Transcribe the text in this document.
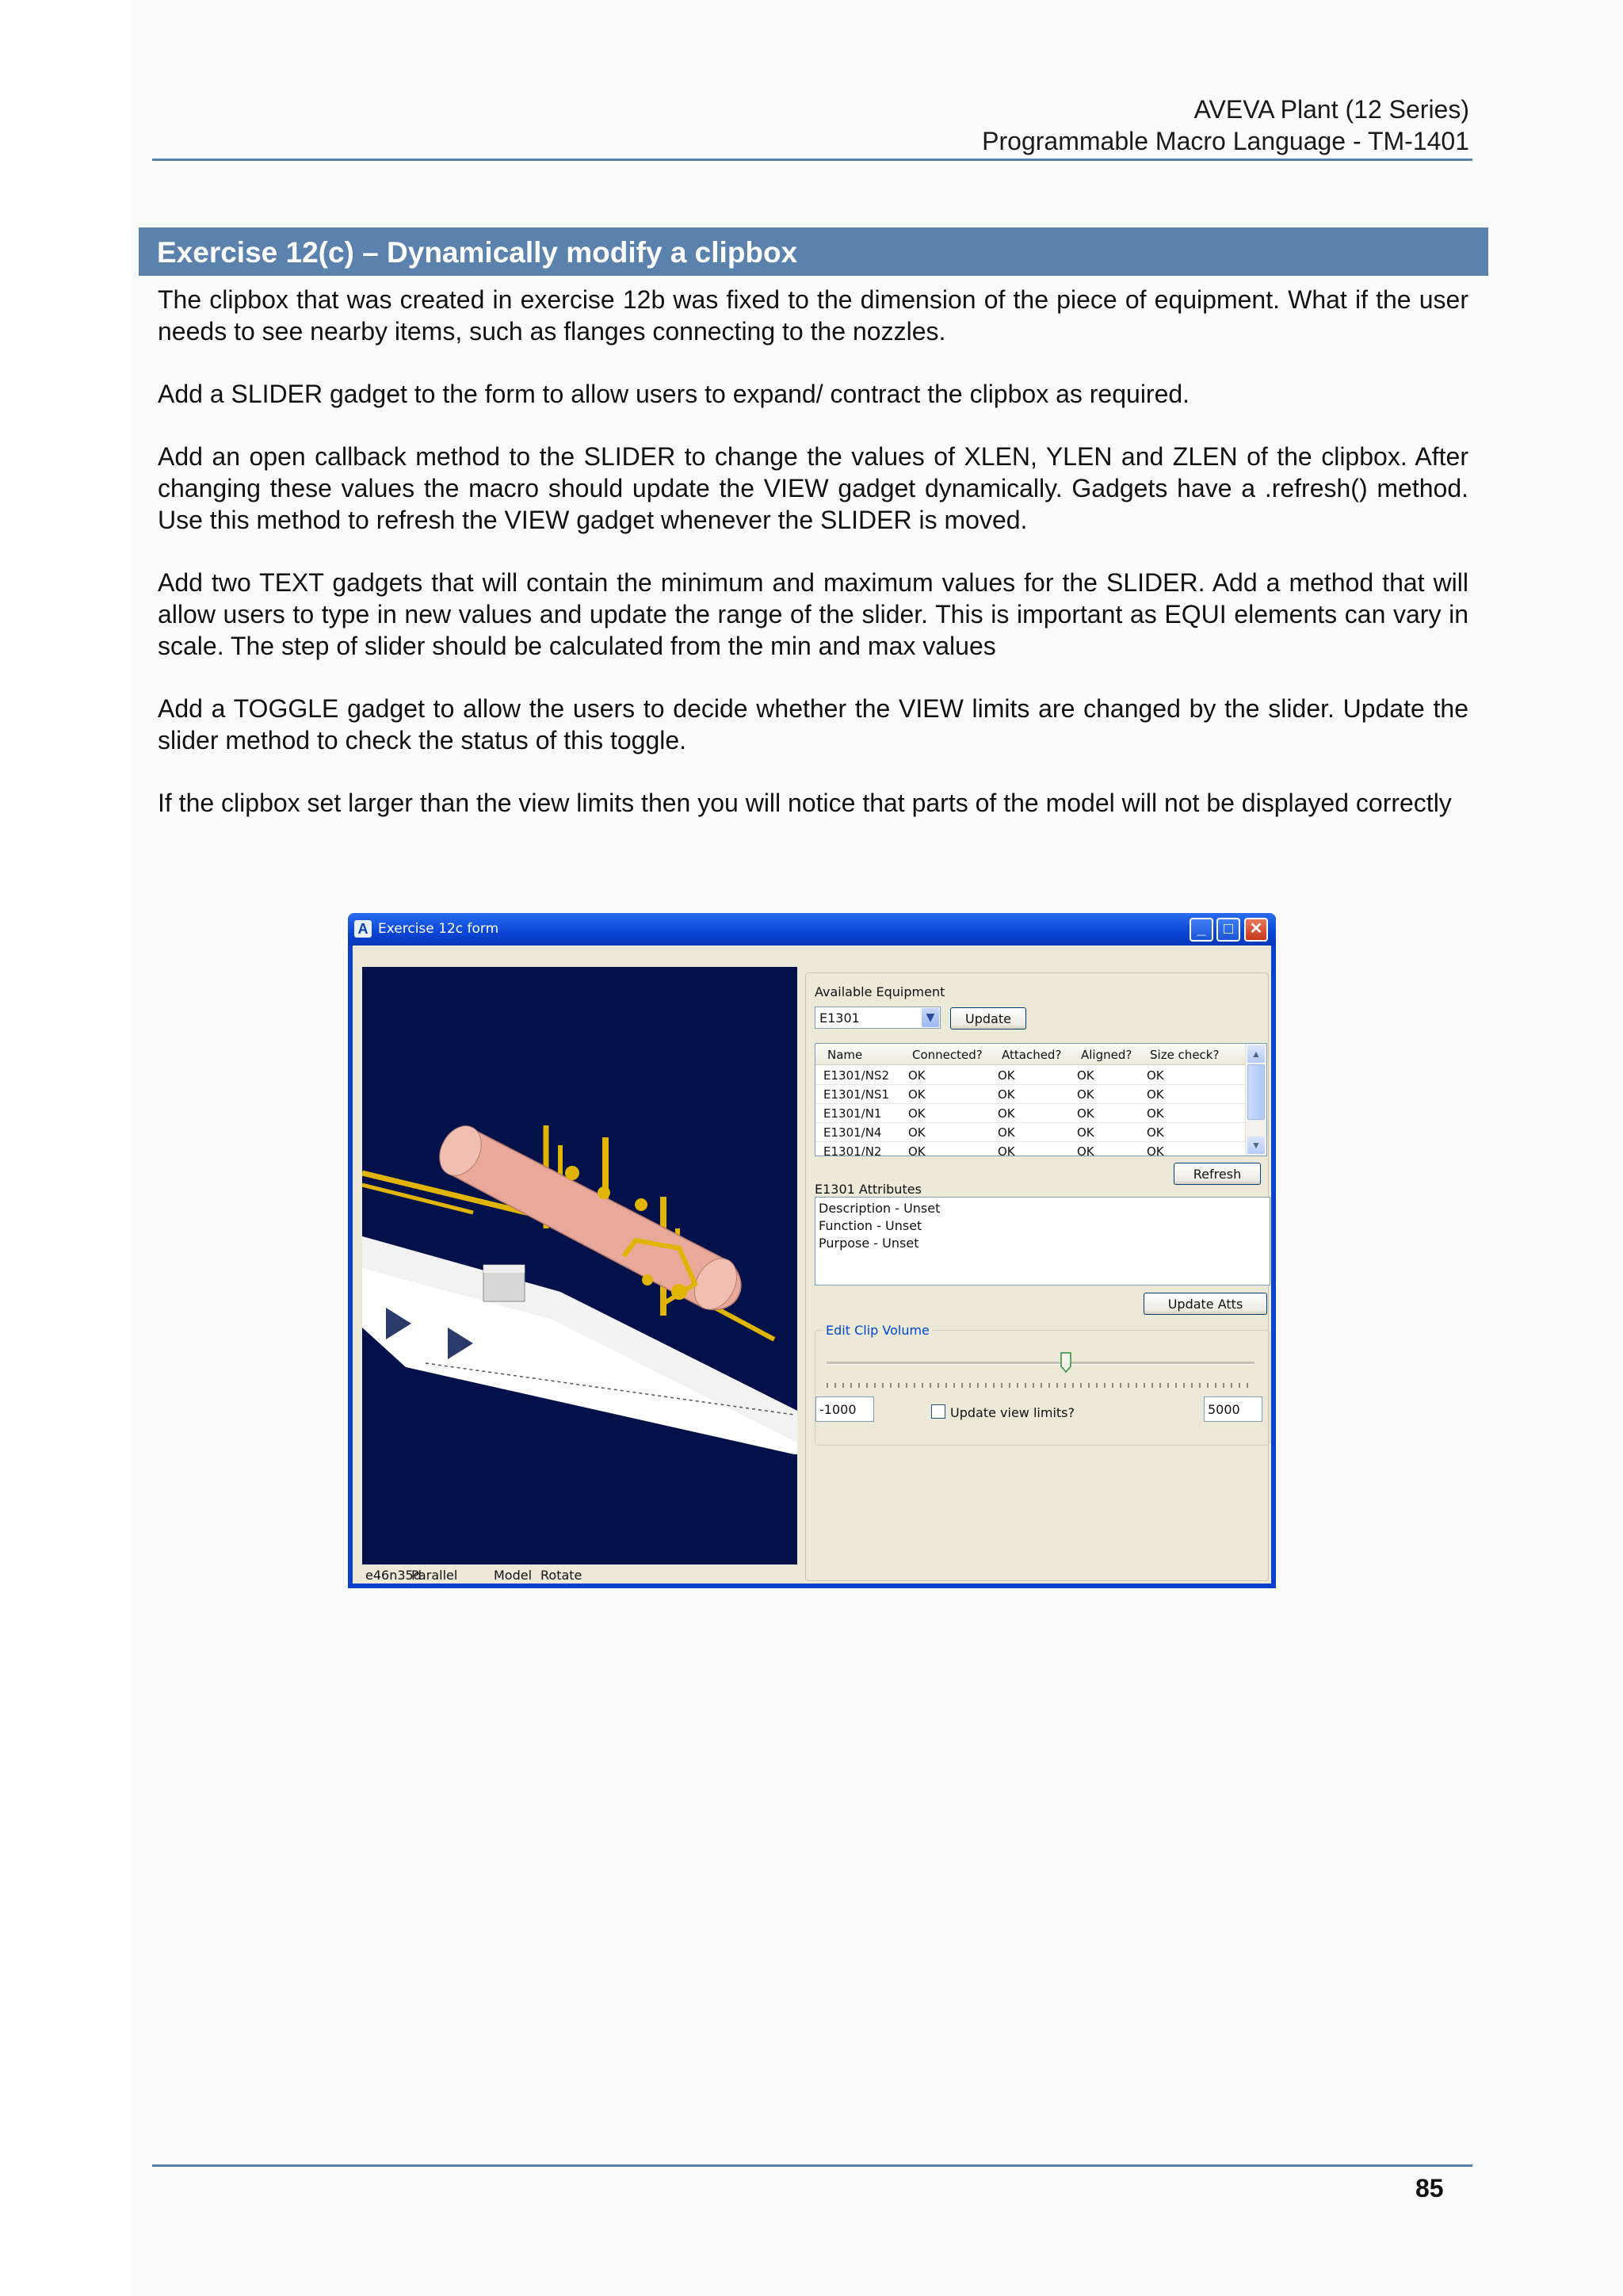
AVEVA Plant (12 Series)
Programmable Macro Language - TM-1401
Exercise 12(c) – Dynamically modify a clipbox
The clipbox that was created in exercise 12b was fixed to the dimension of the piece of equipment. What if the user needs to see nearby items, such as flanges connecting to the nozzles.
Add a SLIDER gadget to the form to allow users to expand/ contract the clipbox as required.
Add an open callback method to the SLIDER to change the values of XLEN, YLEN and ZLEN of the clipbox. After changing these values the macro should update the VIEW gadget dynamically. Gadgets have a .refresh() method. Use this method to refresh the VIEW gadget whenever the SLIDER is moved.
Add two TEXT gadgets that will contain the minimum and maximum values for the SLIDER. Add a method that will allow users to type in new values and update the range of the slider. This is important as EQUI elements can vary in scale. The step of slider should be calculated from the min and max values
Add a TOGGLE gadget to allow the users to decide whether the VIEW limits are changed by the slider. Update the slider method to check the status of this toggle.
If the clipbox set larger than the view limits then you will notice that parts of the model will not be displayed correctly
A Exercise 12c form	_	□	✕
e46n35d
Parallel	Model Rotate
Available Equipment
E1301	▼	Update
Name	Connected? Attached? Aligned? Size check?
E1301/NS2 OK	OK	OK	OK
E1301/NS1 OK	OK	OK	OK
E1301/N1 OK	OK	OK	OK
E1301/N4 OK	OK	OK	OK
E1301/N2 OK	OK	OK	OK
▲
▼
Refresh
E1301 Attributes
Description - Unset
Function - Unset
Purpose - Unset
Update Atts
Edit Clip Volume
-1000	Update view limits?	5000
85
